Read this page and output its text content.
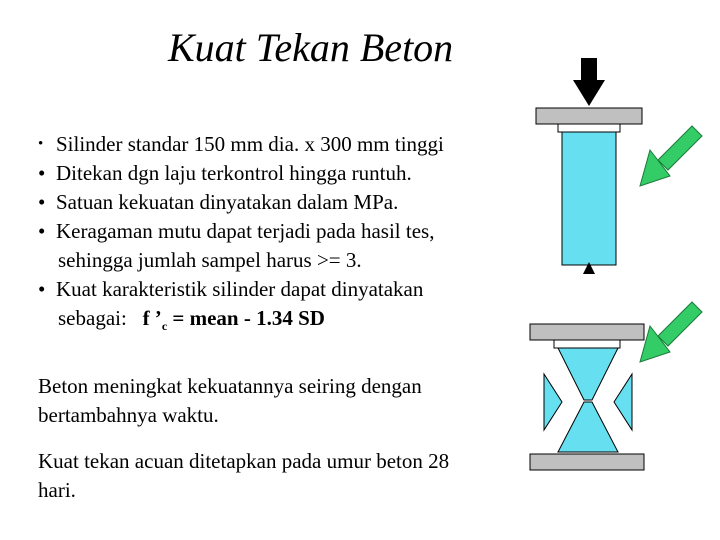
Kuat Tekan Beton
• Silinder standar 150 mm dia. x 300 mm tinggi
• Ditekan dgn laju terkontrol hingga runtuh.
• Satuan kekuatan dinyatakan dalam MPa.
• Keragaman mutu dapat terjadi pada hasil tes,
sehingga jumlah sampel harus >= 3.
• Kuat karakteristik silinder dapat dinyatakan
sebagai: f $’_c$ = mean - 1.34 SD
Beton meningkat kekuatannya seiring dengan bertambahnya waktu.
Kuat tekan acuan ditetapkan pada umur beton 28 hari.
